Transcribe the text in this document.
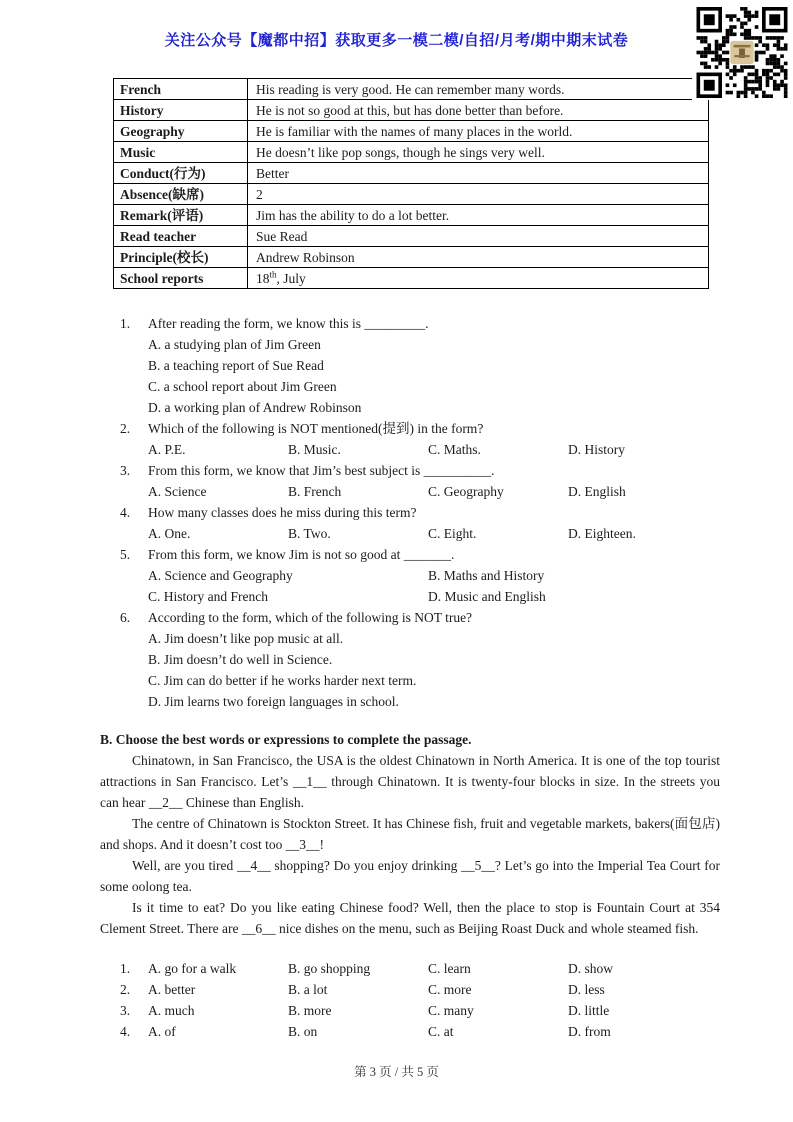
关注公众号【魔都中招】获取更多一模二模/自招/月考/期中期末试卷
French	His reading is very good. He can remember many words.
History	He is not so good at this, but has done better than before.
Geography	He is familiar with the names of many places in the world.
Music	He doesn’t like pop songs, though he sings very well.
Conduct(行为)	Better
Absence(缺席)	2
Remark(评语)	Jim has the ability to do a lot better.
Read teacher	Sue Read
Principle(校长)	Andrew Robinson
School reports	18th, July
1.	After reading the form, we know this is _________.
A. a studying plan of Jim Green
B. a teaching report of Sue Read
C. a school report about Jim Green
D. a working plan of Andrew Robinson
2.	Which of the following is NOT mentioned(提到) in the form?
A. P.E.	B. Music.	C. Maths.	D. History
3.	From this form, we know that Jim’s best subject is __________.
A. Science	B. French	C. Geography	D. English
4.	How many classes does he miss during this term?
A. One.	B. Two.	C. Eight.	D. Eighteen.
5.	From this form, we know Jim is not so good at _______.
A. Science and Geography	B. Maths and History
C. History and French	D. Music and English
6.	According to the form, which of the following is NOT true?
A. Jim doesn’t like pop music at all.
B. Jim doesn’t do well in Science.
C. Jim can do better if he works harder next term.
D. Jim learns two foreign languages in school.
B. Choose the best words or expressions to complete the passage.

Chinatown, in San Francisco, the USA is the oldest Chinatown in North America. It is one of the top tourist attractions in San Francisco. Let’s __1__ through Chinatown. It is twenty-four blocks in size. In the streets you can hear __2__ Chinese than English.

The centre of Chinatown is Stockton Street. It has Chinese fish, fruit and vegetable markets, bakers(面包店) and shops. And it doesn’t cost too __3__!

Well, are you tired __4__ shopping? Do you enjoy drinking __5__? Let’s go into the Imperial Tea Court for some oolong tea.

Is it time to eat? Do you like eating Chinese food? Well, then the place to stop is Fountain Court at 354 Clement Street. There are __6__ nice dishes on the menu, such as Beijing Roast Duck and whole steamed fish.

1.	A. go for a walk	B. go shopping	C. learn	D. show
2.	A. better	B. a lot	C. more	D. less
3.	A. much	B. more	C. many	D. little
4.	A. of	B. on	C. at	D. from
第 3 页 / 共 5 页
